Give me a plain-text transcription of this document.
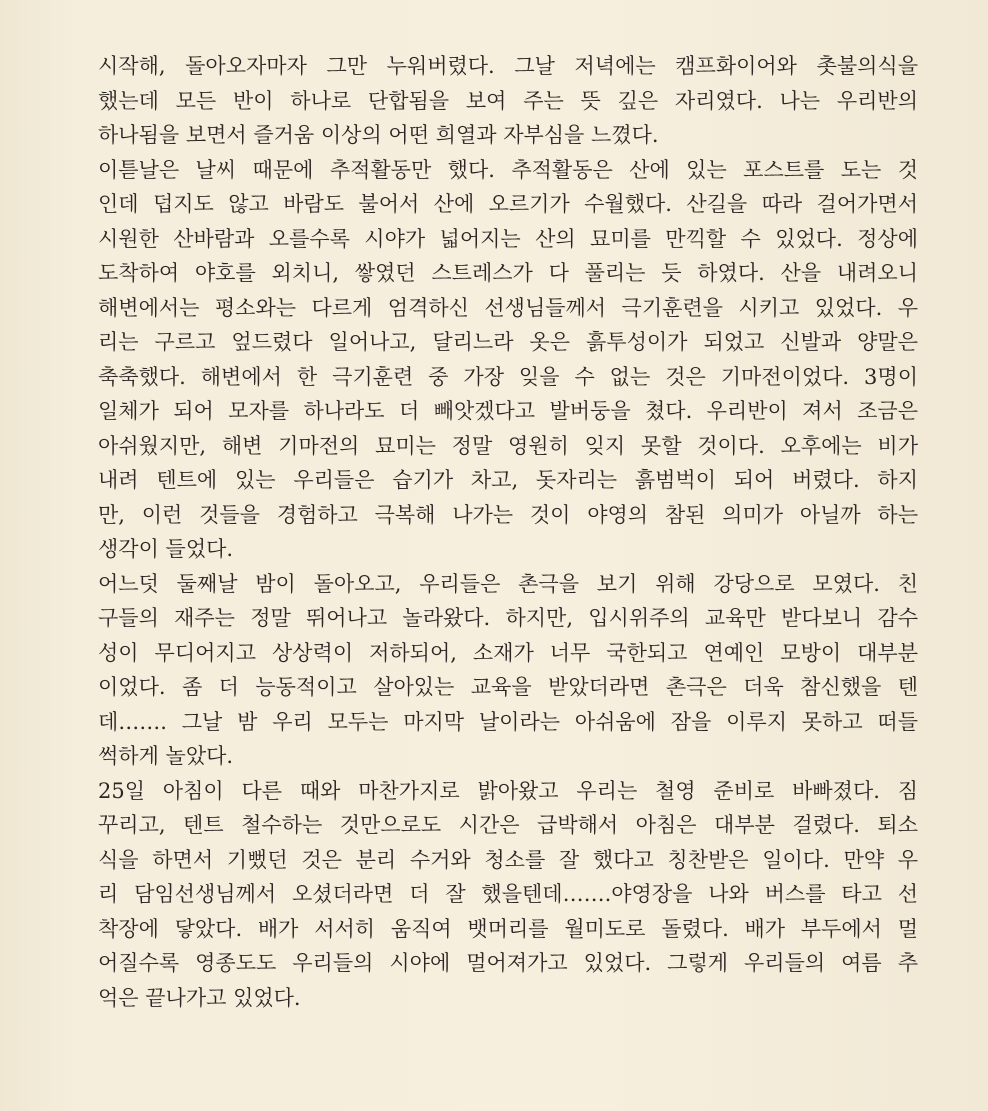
시작해, 돌아오자마자 그만 누워버렸다. 그날 저녁에는 캠프화이어와 촛불의식을
했는데 모든 반이 하나로 단합됨을 보여 주는 뜻 깊은 자리였다. 나는 우리반의
하나됨을 보면서 즐거움 이상의 어떤 희열과 자부심을 느꼈다.
이튿날은 날씨 때문에 추적활동만 했다. 추적활동은 산에 있는 포스트를 도는 것
인데 덥지도 않고 바람도 불어서 산에 오르기가 수월했다. 산길을 따라 걸어가면서
시원한 산바람과 오를수록 시야가 넓어지는 산의 묘미를 만끽할 수 있었다. 정상에
도착하여 야호를 외치니, 쌓였던 스트레스가 다 풀리는 듯 하였다. 산을 내려오니
해변에서는 평소와는 다르게 엄격하신 선생님들께서 극기훈련을 시키고 있었다. 우
리는 구르고 엎드렸다 일어나고, 달리느라 옷은 흙투성이가 되었고 신발과 양말은
축축했다. 해변에서 한 극기훈련 중 가장 잊을 수 없는 것은 기마전이었다. 3명이
일체가 되어 모자를 하나라도 더 빼앗겠다고 발버둥을 쳤다. 우리반이 져서 조금은
아쉬웠지만, 해변 기마전의 묘미는 정말 영원히 잊지 못할 것이다. 오후에는 비가
내려 텐트에 있는 우리들은 습기가 차고, 돗자리는 흙범벅이 되어 버렸다. 하지
만, 이런 것들을 경험하고 극복해 나가는 것이 야영의 참된 의미가 아닐까 하는
생각이 들었다.
어느덧 둘째날 밤이 돌아오고, 우리들은 촌극을 보기 위해 강당으로 모였다. 친
구들의 재주는 정말 뛰어나고 놀라왔다. 하지만, 입시위주의 교육만 받다보니 감수
성이 무디어지고 상상력이 저하되어, 소재가 너무 국한되고 연예인 모방이 대부분
이었다. 좀 더 능동적이고 살아있는 교육을 받았더라면 촌극은 더욱 참신했을 텐
데……. 그날 밤 우리 모두는 마지막 날이라는 아쉬움에 잠을 이루지 못하고 떠들
썩하게 놀았다.
25일 아침이 다른 때와 마찬가지로 밝아왔고 우리는 철영 준비로 바빠졌다. 짐
꾸리고, 텐트 철수하는 것만으로도 시간은 급박해서 아침은 대부분 걸렸다. 퇴소
식을 하면서 기뻤던 것은 분리 수거와 청소를 잘 했다고 칭찬받은 일이다. 만약 우
리 담임선생님께서 오셨더라면 더 잘 했을텐데…….야영장을 나와 버스를 타고 선
착장에 닿았다. 배가 서서히 움직여 뱃머리를 월미도로 돌렸다. 배가 부두에서 멀
어질수록 영종도도 우리들의 시야에 멀어져가고 있었다. 그렇게 우리들의 여름 추
억은 끝나가고 있었다.
